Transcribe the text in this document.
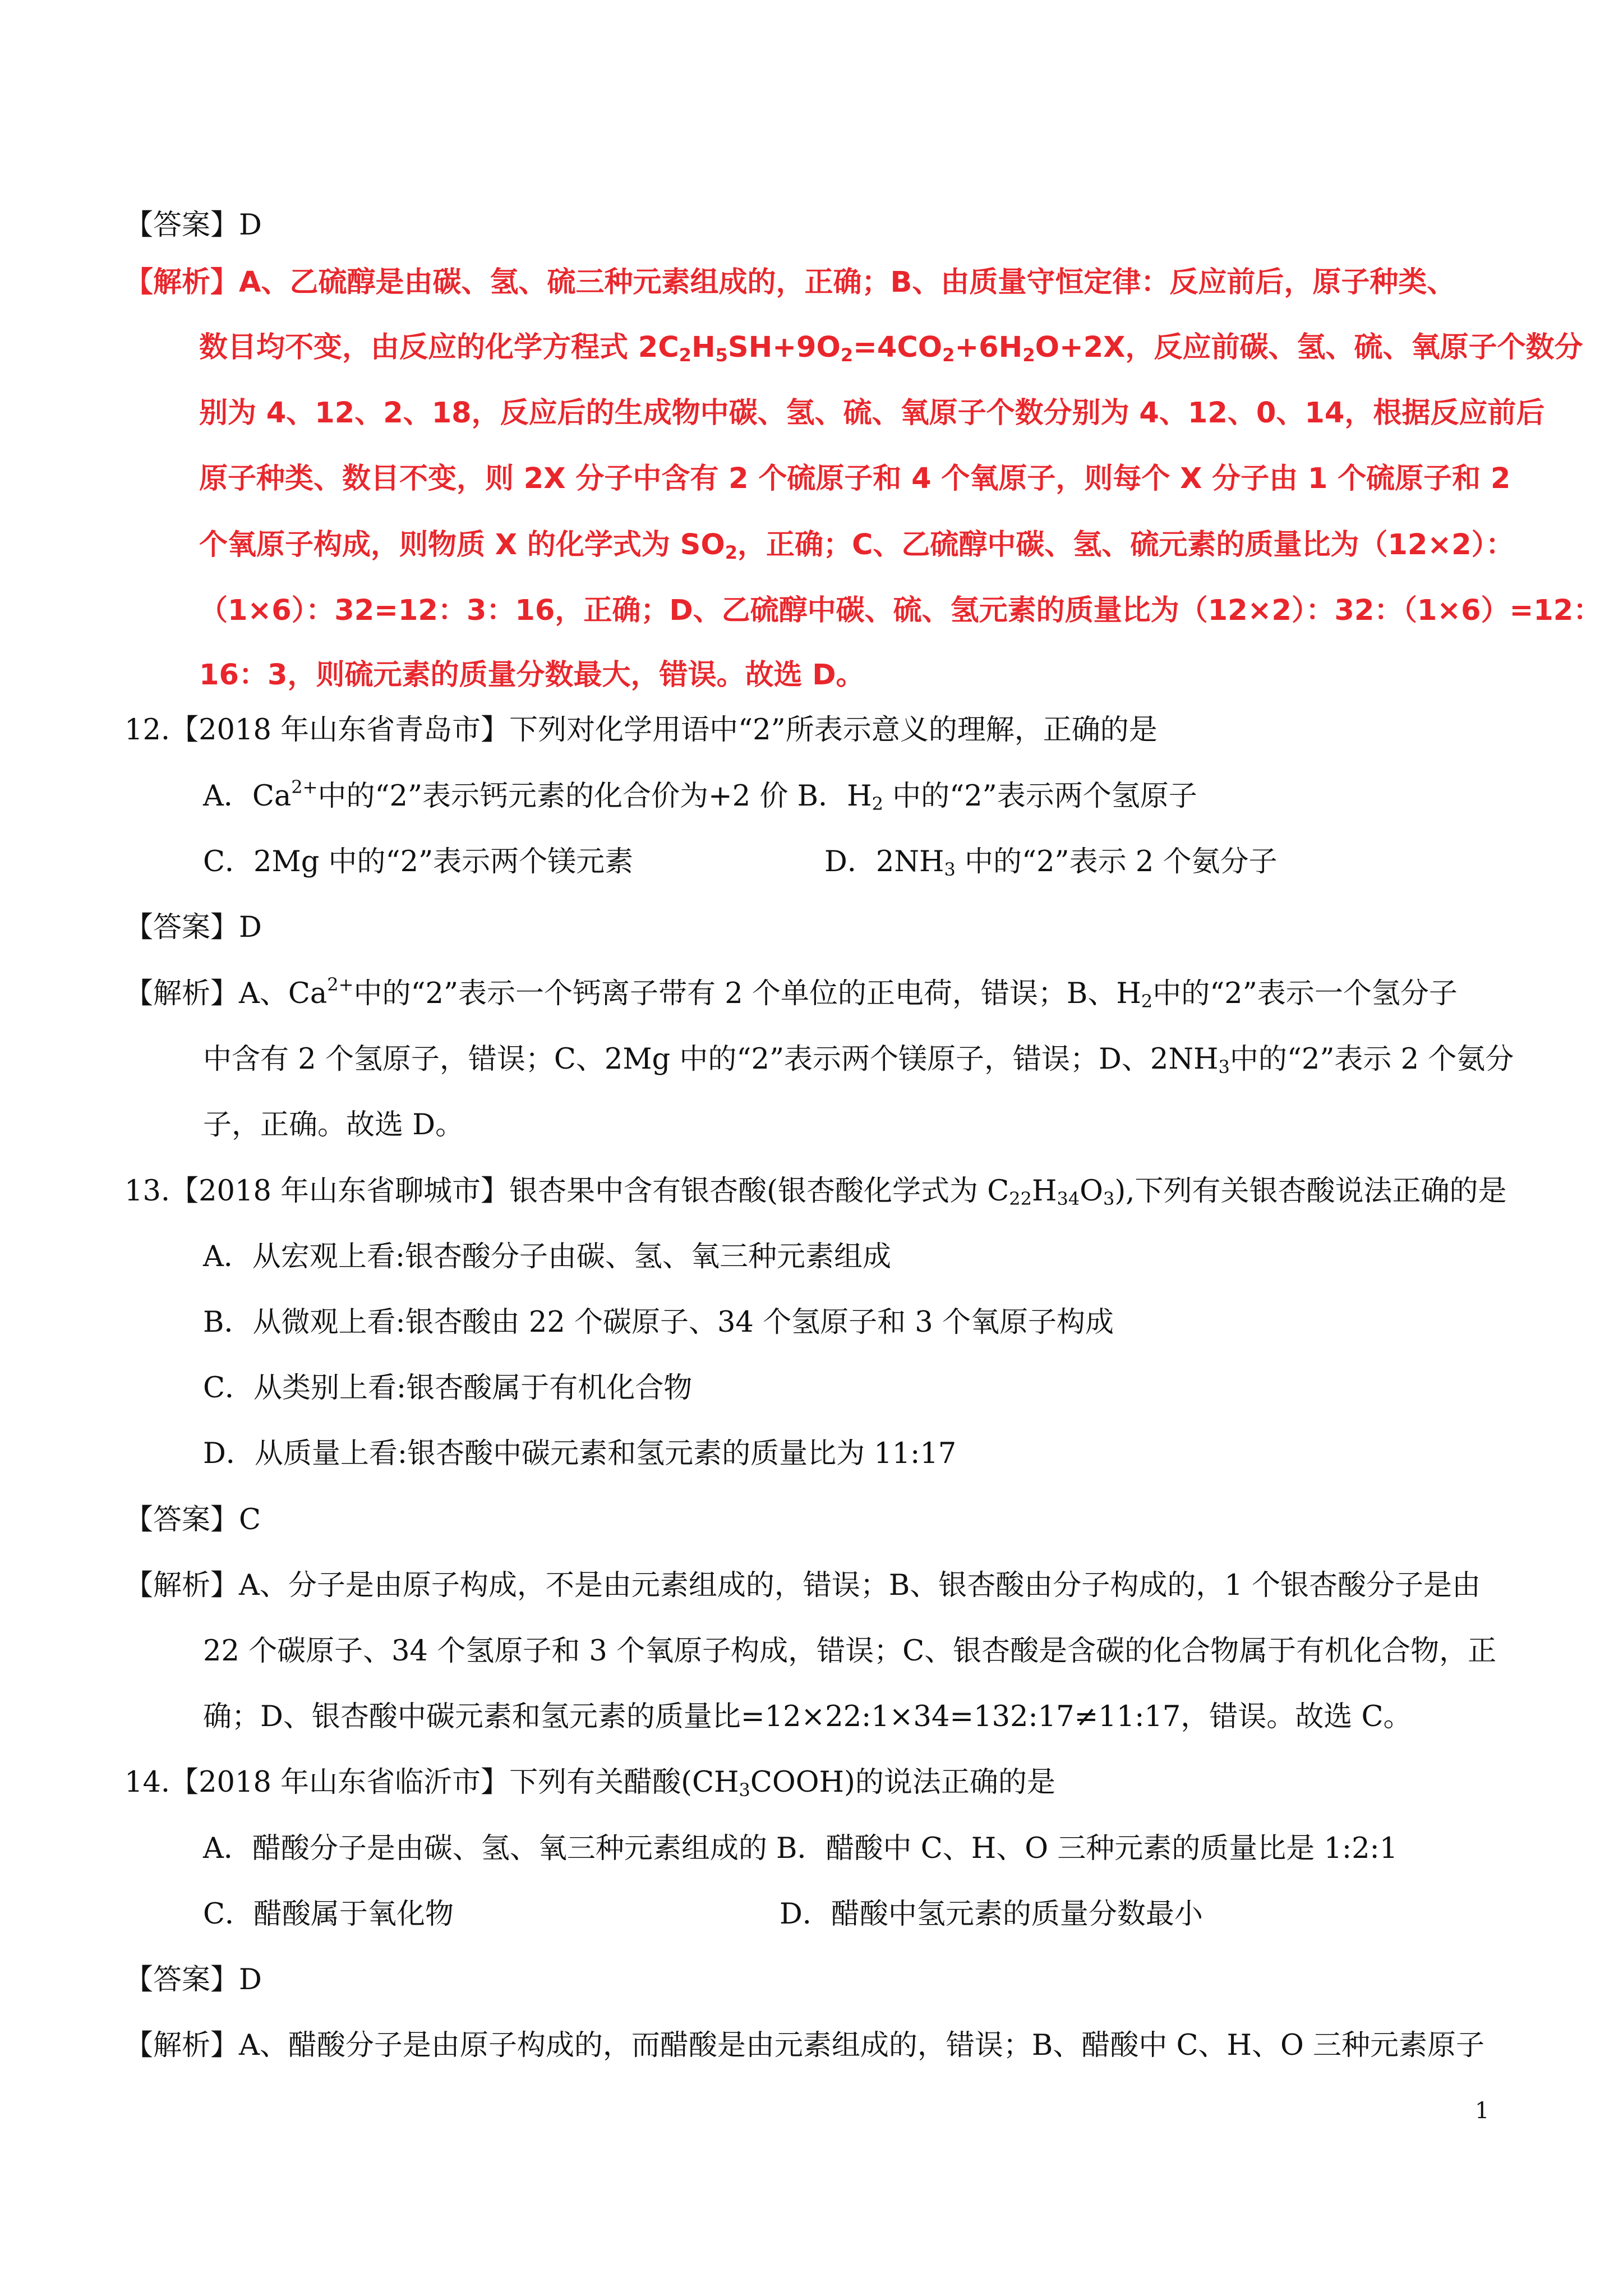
【答案】D
【解析】A、乙硫醇是由碳、氢、硫三种元素组成的，正确；B、由质量守恒定律：反应前后，原子种类、
数目均不变，由反应的化学方程式 $2C_2H_5SH+9O_2=4CO_2+6H_2O+2X$，反应前碳、氢、硫、氧原子个数分
别为 4、12、2、18，反应后的生成物中碳、氢、硫、氧原子个数分别为 4、12、0、14，根据反应前后
原子种类、数目不变，则 2X 分子中含有 2 个硫原子和 4 个氧原子，则每个 X 分子由 1 个硫原子和 2
个氧原子构成，则物质 X 的化学式为 $SO_2$，正确；C、乙硫醇中碳、氢、硫元素的质量比为（12×2）：
（1×6）：32=12：3：16，正确；D、乙硫醇中碳、硫、氢元素的质量比为（12×2）：32：（1×6）=12：
16：3，则硫元素的质量分数最大，错误。故选 D。
12.【2018 年山东省青岛市】下列对化学用语中“2”所表示意义的理解，正确的是
A．$Ca^{2+}$中的“2”表示钙元素的化合价为+2 价 B．$H_2$ 中的“2”表示两个氢原子
C．2Mg 中的“2”表示两个镁元素	D．$2NH_3$ 中的“2”表示 2 个氨分子
【答案】D
【解析】A、$Ca^{2+}$中的“2”表示一个钙离子带有 2 个单位的正电荷，错误；B、$H_2$中的“2”表示一个氢分子
中含有 2 个氢原子，错误；C、2Mg 中的“2”表示两个镁原子，错误；D、$2NH_3$中的“2”表示 2 个氨分
子，正确。故选 D。
13.【2018 年山东省聊城市】银杏果中含有银杏酸(银杏酸化学式为 $C_{22}H_{34}O_3$),下列有关银杏酸说法正确的是
A．从宏观上看:银杏酸分子由碳、氢、氧三种元素组成
B．从微观上看:银杏酸由 22 个碳原子、34 个氢原子和 3 个氧原子构成
C．从类别上看:银杏酸属于有机化合物
D．从质量上看:银杏酸中碳元素和氢元素的质量比为 11:17
【答案】C
【解析】A、分子是由原子构成，不是由元素组成的，错误；B、银杏酸由分子构成的，1 个银杏酸分子是由
22 个碳原子、34 个氢原子和 3 个氧原子构成，错误；C、银杏酸是含碳的化合物属于有机化合物，正
确；D、银杏酸中碳元素和氢元素的质量比=12×22:1×34=132:17≠11:17，错误。故选 C。
14.【2018 年山东省临沂市】下列有关醋酸$(CH_3COOH)$的说法正确的是
A．醋酸分子是由碳、氢、氧三种元素组成的 B．醋酸中 C、H、O 三种元素的质量比是 1:2:1
C．醋酸属于氧化物	D．醋酸中氢元素的质量分数最小
【答案】D
【解析】A、醋酸分子是由原子构成的，而醋酸是由元素组成的，错误；B、醋酸中 C、H、O 三种元素原子
1
